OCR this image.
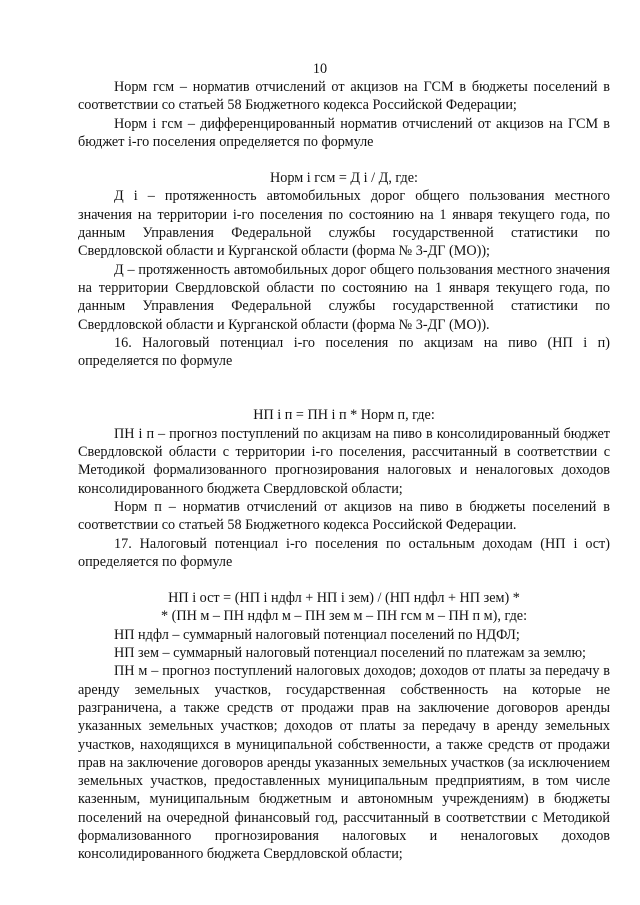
10

Норм гсм – норматив отчислений от акцизов на ГСМ в бюджеты поселений в соответствии со статьей 58 Бюджетного кодекса Российской Федерации;

Норм i гсм – дифференцированный норматив отчислений от акцизов на ГСМ в бюджет i-го поселения определяется по формуле

Норм i гсм = Д i / Д, где:

Д i – протяженность автомобильных дорог общего пользования местного значения на территории i-го поселения по состоянию на 1 января текущего года, по данным Управления Федеральной службы государственной статистики по Свердловской области и Курганской области (форма № 3-ДГ (МО));

Д – протяженность автомобильных дорог общего пользования местного значения на территории Свердловской области по состоянию на 1 января текущего года, по данным Управления Федеральной службы государственной статистики по Свердловской области и Курганской области (форма № 3-ДГ (МО)).

16. Налоговый потенциал i-го поселения по акцизам на пиво (НП i п) определяется по формуле

НП i п = ПН i п * Норм п, где:

ПН i п – прогноз поступлений по акцизам на пиво в консолидированный бюджет Свердловской области с территории i-го поселения, рассчитанный в соответствии с Методикой формализованного прогнозирования налоговых и неналоговых доходов консолидированного бюджета Свердловской области;

Норм п – норматив отчислений от акцизов на пиво в бюджеты поселений в соответствии со статьей 58 Бюджетного кодекса Российской Федерации.

17. Налоговый потенциал i-го поселения по остальным доходам (НП i ост) определяется по формуле

НП i ост = (НП i ндфл + НП i зем) / (НП ндфл + НП зем) *

* (ПН м – ПН ндфл м – ПН зем м – ПН гсм м – ПН п м), где:

НП ндфл – суммарный налоговый потенциал поселений по НДФЛ;

НП зем – суммарный налоговый потенциал поселений по платежам за землю;

ПН м – прогноз поступлений налоговых доходов; доходов от платы за передачу в аренду земельных участков, государственная собственность на которые не разграничена, а также средств от продажи прав на заключение договоров аренды указанных земельных участков; доходов от платы за передачу в аренду земельных участков, находящихся в муниципальной собственности, а также средств от продажи прав на заключение договоров аренды указанных земельных участков (за исключением земельных участков, предоставленных муниципальным предприятиям, в том числе казенным, муниципальным бюджетным и автономным учреждениям) в бюджеты поселений на очередной финансовый год, рассчитанный в соответствии с Методикой формализованного прогнозирования налоговых и неналоговых доходов консолидированного бюджета Свердловской области;
